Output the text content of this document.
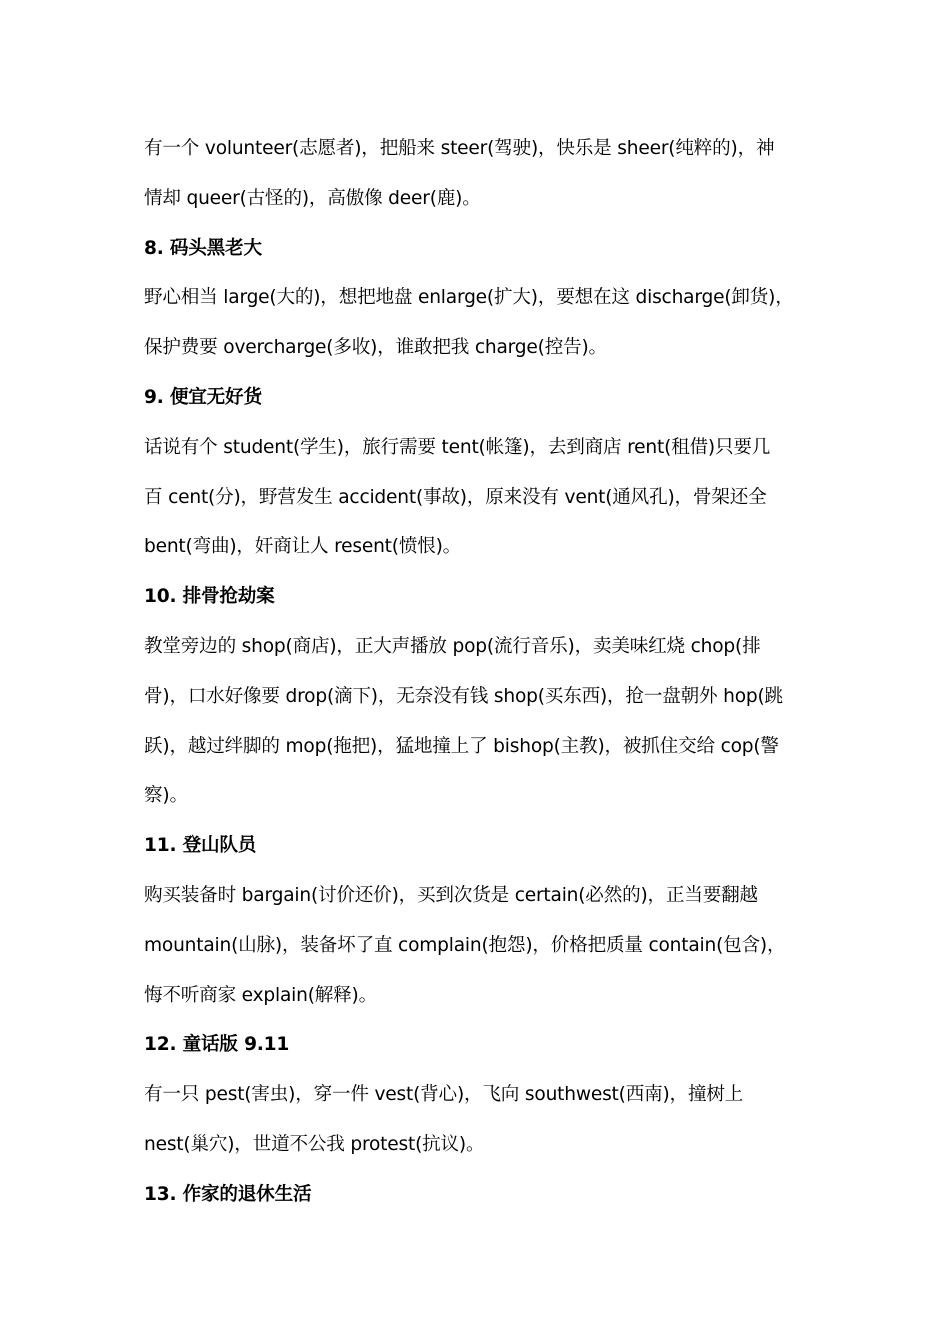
有一个 volunteer(志愿者)，把船来 steer(驾驶)，快乐是 sheer(纯粹的)，神
情却 queer(古怪的)，高傲像 deer(鹿)。
8. 码头黑老大
野心相当 large(大的)，想把地盘 enlarge(扩大)，要想在这 discharge(卸货)，
保护费要 overcharge(多收)，谁敢把我 charge(控告)。
9. 便宜无好货
话说有个 student(学生)，旅行需要 tent(帐篷)，去到商店 rent(租借)只要几
百 cent(分)，野营发生 accident(事故)，原来没有 vent(通风孔)，骨架还全
bent(弯曲)，奸商让人 resent(愤恨)。
10. 排骨抢劫案
教堂旁边的 shop(商店)，正大声播放 pop(流行音乐)，卖美味红烧 chop(排
骨)，口水好像要 drop(滴下)，无奈没有钱 shop(买东西)，抢一盘朝外 hop(跳
跃)，越过绊脚的 mop(拖把)，猛地撞上了 bishop(主教)，被抓住交给 cop(警
察)。
11. 登山队员
购买装备时 bargain(讨价还价)，买到次货是 certain(必然的)，正当要翻越
mountain(山脉)，装备坏了直 complain(抱怨)，价格把质量 contain(包含)，
悔不听商家 explain(解释)。
12. 童话版 9.11
有一只 pest(害虫)，穿一件 vest(背心)，飞向 southwest(西南)，撞树上
nest(巢穴)，世道不公我 protest(抗议)。
13. 作家的退休生活
